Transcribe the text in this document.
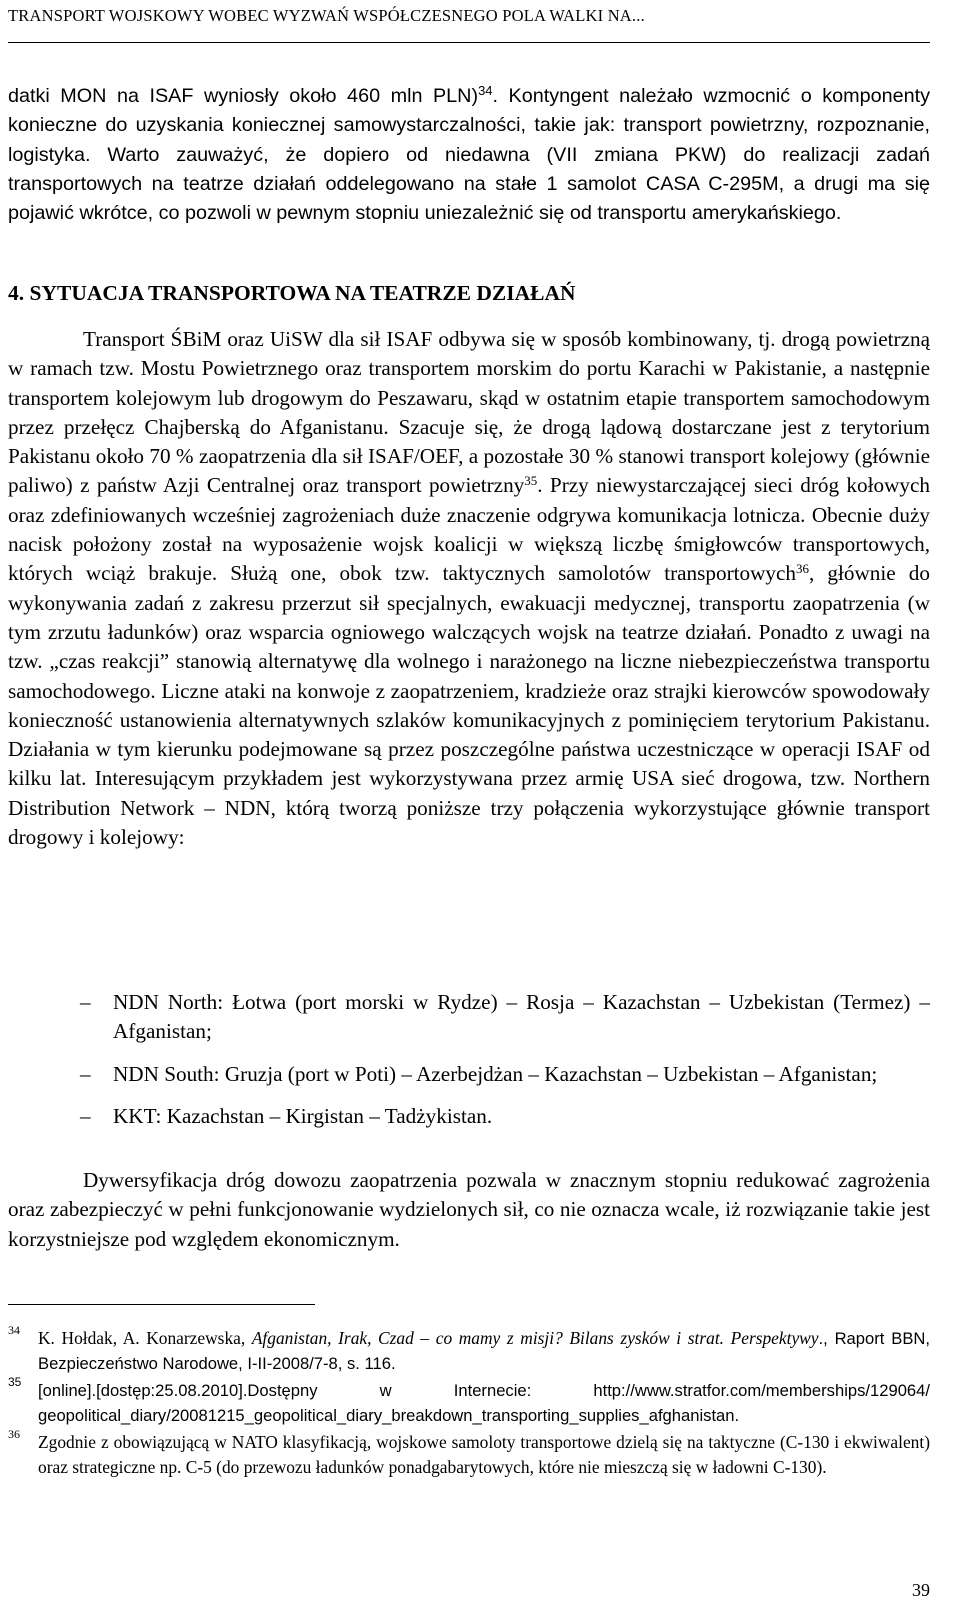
TRANSPORT WOJSKOWY WOBEC WYZWAŃ WSPÓŁCZESNEGO POLA WALKI NA...
datki MON na ISAF wyniosły około 460 mln PLN)$^{34}$. Kontyngent należało wzmocnić o komponenty konieczne do uzyskania koniecznej samowystarczalności, takie jak: transport powietrzny, rozpoznanie, logistyka. Warto zauważyć, że dopiero od niedawna (VII zmiana PKW) do realizacji zadań transportowych na teatrze działań oddelegowano na stałe 1 samolot CASA C-295M, a drugi ma się pojawić wkrótce, co pozwoli w pewnym stopniu uniezależnić się od transportu amerykańskiego.
4. SYTUACJA TRANSPORTOWA NA TEATRZE DZIAŁAŃ
Transport ŚBiM oraz UiSW dla sił ISAF odbywa się w sposób kombinowany, tj. drogą powietrzną w ramach tzw. Mostu Powietrznego oraz transportem morskim do portu Karachi w Pakistanie, a następnie transportem kolejowym lub drogowym do Peszawaru, skąd w ostatnim etapie transportem samochodowym przez przełęcz Chajberską do Afganistanu. Szacuje się, że drogą lądową dostarczane jest z terytorium Pakistanu około 70 % zaopatrzenia dla sił ISAF/OEF, a pozostałe 30 % stanowi transport kolejowy (głównie paliwo) z państw Azji Centralnej oraz transport powietrzny$^{35}$. Przy niewystarczającej sieci dróg kołowych oraz zdefiniowanych wcześniej zagrożeniach duże znaczenie odgrywa komunikacja lotnicza. Obecnie duży nacisk położony został na wyposażenie wojsk koalicji w większą liczbę śmigłowców transportowych, których wciąż brakuje. Służą one, obok tzw. taktycznych samolotów transportowych$^{36}$, głównie do wykonywania zadań z zakresu przerzut sił specjalnych, ewakuacji medycznej, transportu zaopatrzenia (w tym zrzutu ładunków) oraz wsparcia ogniowego walczących wojsk na teatrze działań. Ponadto z uwagi na tzw. „czas reakcji” stanowią alternatywę dla wolnego i narażonego na liczne niebezpieczeństwa transportu samochodowego. Liczne ataki na konwoje z zaopatrzeniem, kradzieże oraz strajki kierowców spowodowały konieczność ustanowienia alternatywnych szlaków komunikacyjnych z pominięciem terytorium Pakistanu. Działania w tym kierunku podejmowane są przez poszczególne państwa uczestniczące w operacji ISAF od kilku lat. Interesującym przykładem jest wykorzystywana przez armię USA sieć drogowa, tzw. Northern Distribution Network – NDN, którą tworzą poniższe trzy połączenia wykorzystujące głównie transport drogowy i kolejowy:
– NDN North: Łotwa (port morski w Rydze) – Rosja – Kazachstan – Uzbekistan (Termez) – Afganistan;
– NDN South: Gruzja (port w Poti) – Azerbejdżan – Kazachstan – Uzbekistan – Afganistan;
– KKT: Kazachstan – Kirgistan – Tadżykistan.
Dywersyfikacja dróg dowozu zaopatrzenia pozwala w znacznym stopniu redukować zagrożenia oraz zabezpieczyć w pełni funkcjonowanie wydzielonych sił, co nie oznacza wcale, iż rozwiązanie takie jest korzystniejsze pod względem ekonomicznym.
34 K. Hołdak, A. Konarzewska, Afganistan, Irak, Czad – co mamy z misji? Bilans zysków i strat. Perspektywy., Raport BBN, Bezpieczeństwo Narodowe, I-II-2008/7-8, s. 116.
35 [online].[dostęp:25.08.2010].Dostępny w Internecie: http://www.stratfor.com/memberships/129064/ geopolitical_diary/20081215_geopolitical_diary_breakdown_transporting_supplies_afghanistan.
36 Zgodnie z obowiązującą w NATO klasyfikacją, wojskowe samoloty transportowe dzielą się na taktyczne (C-130 i ekwiwalent) oraz strategiczne np. C-5 (do przewozu ładunków ponadgabarytowych, które nie mieszczą się w ładowni C-130).
39
